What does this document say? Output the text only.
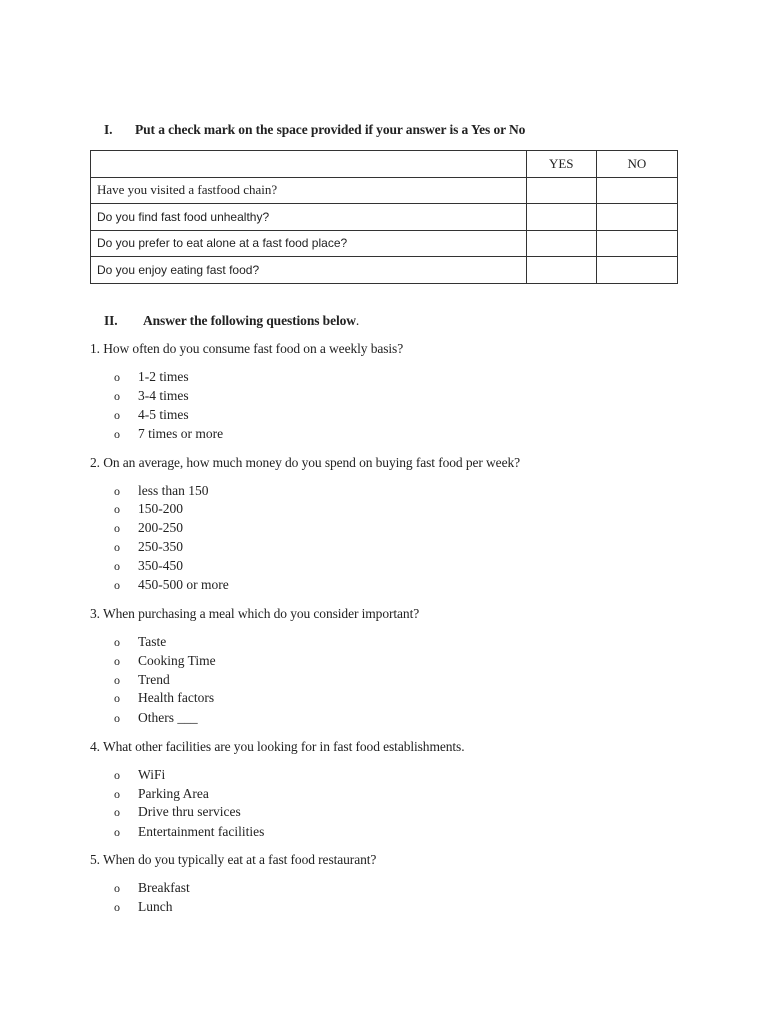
I. Put a check mark on the space provided if your answer is a Yes or No
	YES	NO
Have you visited a fastfood chain?		
Do you find fast food unhealthy?		
Do you prefer to eat alone at a fast food place?		
Do you enjoy eating fast food?		
II. Answer the following questions below.
1. How often do you consume fast food on a weekly basis?
o	1-2 times
o	3-4 times
o	4-5 times
o	7 times or more
2. On an average, how much money do you spend on buying fast food per week?
o	less than 150
o	150-200
o	200-250
o	250-350
o	350-450
o	450-500 or more
3. When purchasing a meal which do you consider important?
o	Taste
o	Cooking Time
o	Trend
o	Health factors
o	Others ___
4. What other facilities are you looking for in fast food establishments.
o	WiFi
o	Parking Area
o	Drive thru services
o	Entertainment facilities
5. When do you typically eat at a fast food restaurant?
o	Breakfast
o	Lunch
